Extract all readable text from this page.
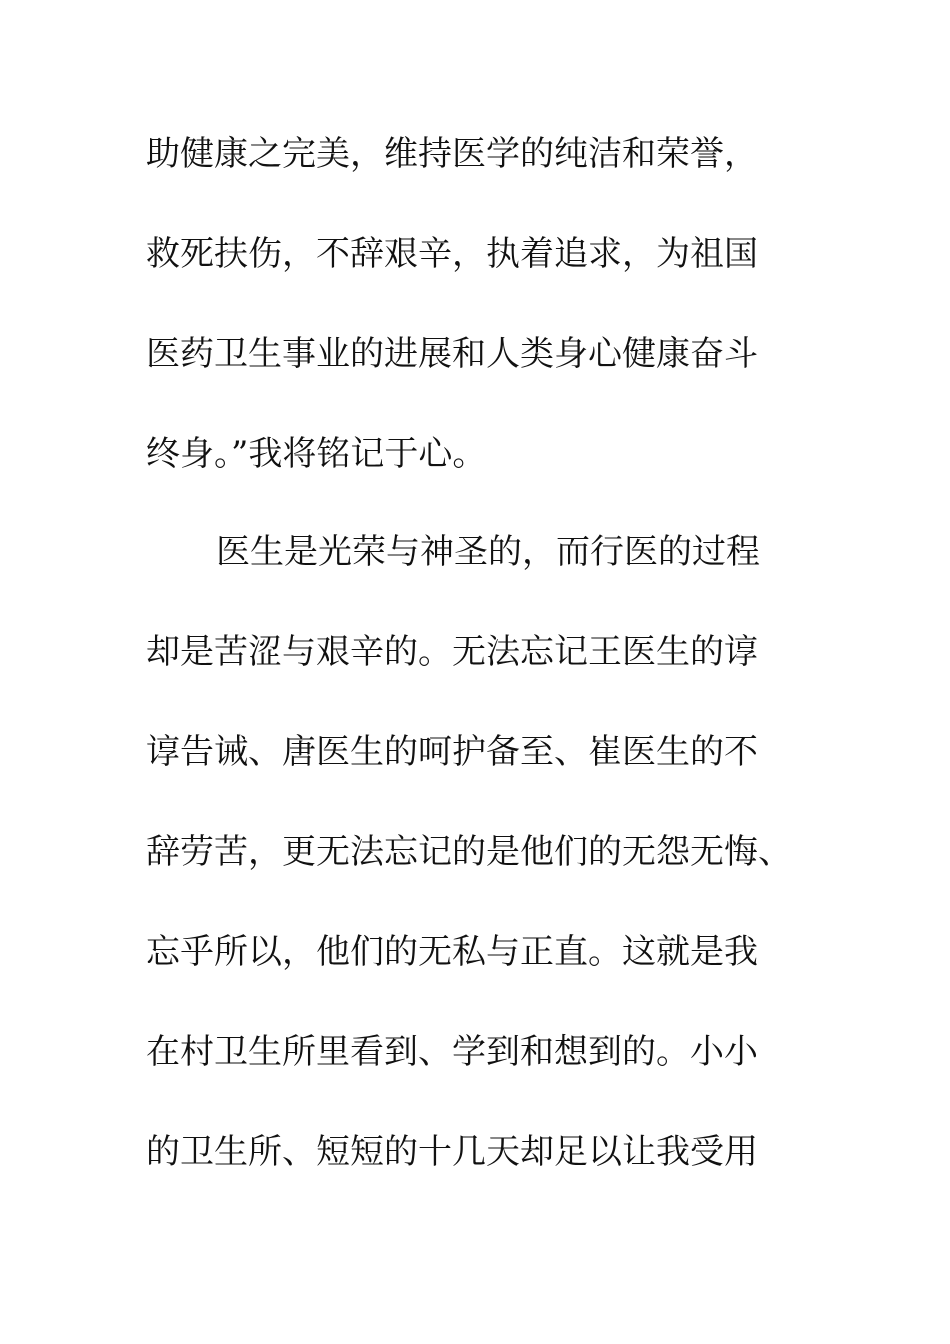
助健康之完美，维持医学的纯洁和荣誉，
救死扶伤，不辞艰辛，执着追求，为祖国
医药卫生事业的进展和人类身心健康奋斗
终身。”我将铭记于心。
医生是光荣与神圣的，而行医的过程
却是苦涩与艰辛的。无法忘记王医生的谆
谆告诫、唐医生的呵护备至、崔医生的不
辞劳苦，更无法忘记的是他们的无怨无悔、
忘乎所以，他们的无私与正直。这就是我
在村卫生所里看到、学到和想到的。小小
的卫生所、短短的十几天却足以让我受用
